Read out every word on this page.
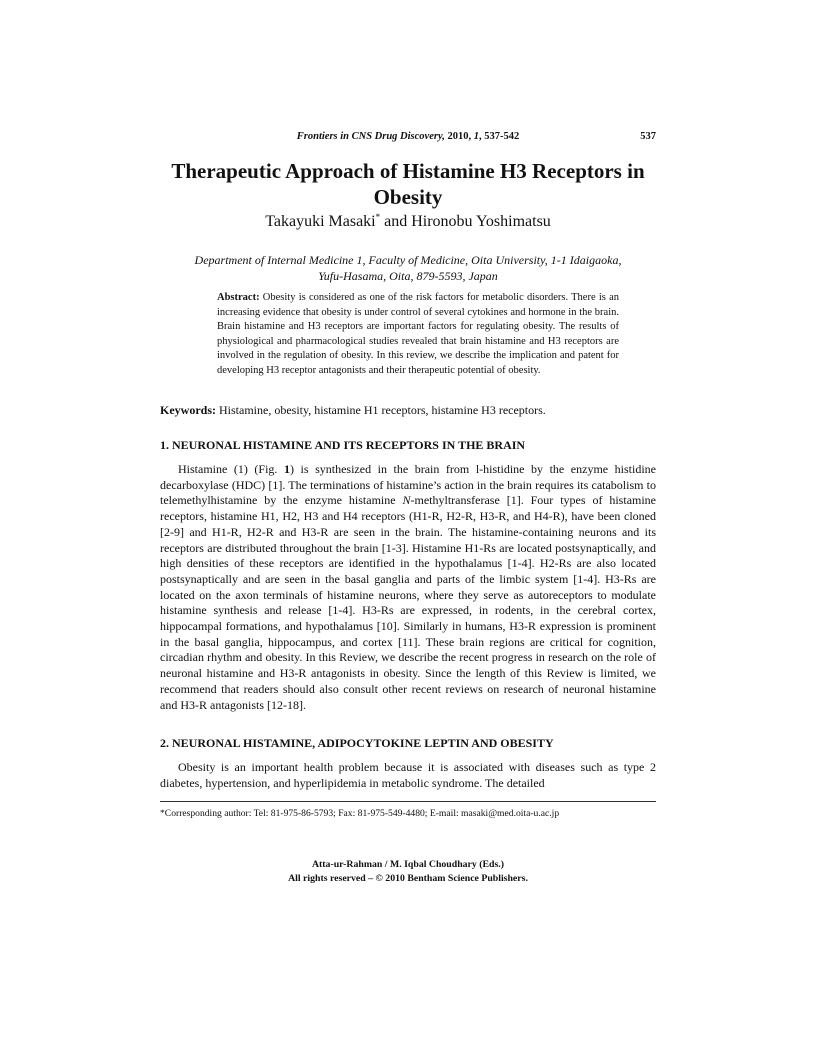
Frontiers in CNS Drug Discovery, 2010, 1, 537-542	537
Therapeutic Approach of Histamine H3 Receptors in
Obesity
Takayuki Masaki* and Hironobu Yoshimatsu
Department of Internal Medicine 1, Faculty of Medicine, Oita University, 1-1 Idaigaoka,
Yufu-Hasama, Oita, 879-5593, Japan
Abstract: Obesity is considered as one of the risk factors for metabolic disorders. There is an increasing evidence that obesity is under control of several cytokines and hormone in the brain. Brain histamine and H3 receptors are important factors for regulating obesity. The results of physiological and pharmacological studies revealed that brain histamine and H3 receptors are involved in the regulation of obesity. In this review, we describe the implication and patent for developing H3 receptor antagonists and their therapeutic potential of obesity.
Keywords: Histamine, obesity, histamine H1 receptors, histamine H3 receptors.
1. NEURONAL HISTAMINE AND ITS RECEPTORS IN THE BRAIN

Histamine (1) (Fig. 1) is synthesized in the brain from l-histidine by the enzyme histidine decarboxylase (HDC) [1]. The terminations of histamine’s action in the brain requires its catabolism to telemethylhistamine by the enzyme histamine N-methyltransferase [1]. Four types of histamine receptors, histamine H1, H2, H3 and H4 receptors (H1-R, H2-R, H3-R, and H4-R), have been cloned [2-9] and H1-R, H2-R and H3-R are seen in the brain. The histamine-containing neurons and its receptors are distributed throughout the brain [1-3]. Histamine H1-Rs are located postsynaptically, and high densities of these receptors are identified in the hypothalamus [1-4]. H2-Rs are also located postsynaptically and are seen in the basal ganglia and parts of the limbic system [1-4]. H3-Rs are located on the axon terminals of histamine neurons, where they serve as autoreceptors to modulate histamine synthesis and release [1-4]. H3-Rs are expressed, in rodents, in the cerebral cortex, hippocampal formations, and hypothalamus [10]. Similarly in humans, H3-R expression is prominent in the basal ganglia, hippocampus, and cortex [11]. These brain regions are critical for cognition, circadian rhythm and obesity. In this Review, we describe the recent progress in research on the role of neuronal histamine and H3-R antagonists in obesity. Since the length of this Review is limited, we recommend that readers should also consult other recent reviews on research of neuronal histamine and H3-R antagonists [12-18].

2. NEURONAL HISTAMINE, ADIPOCYTOKINE LEPTIN AND OBESITY

Obesity is an important health problem because it is associated with diseases such as type 2 diabetes, hypertension, and hyperlipidemia in metabolic syndrome. The detailed

*Corresponding author: Tel: 81-975-86-5793; Fax: 81-975-549-4480; E-mail: masaki@med.oita-u.ac.jp
Atta-ur-Rahman / M. Iqbal Choudhary (Eds.)
All rights reserved – © 2010 Bentham Science Publishers.
